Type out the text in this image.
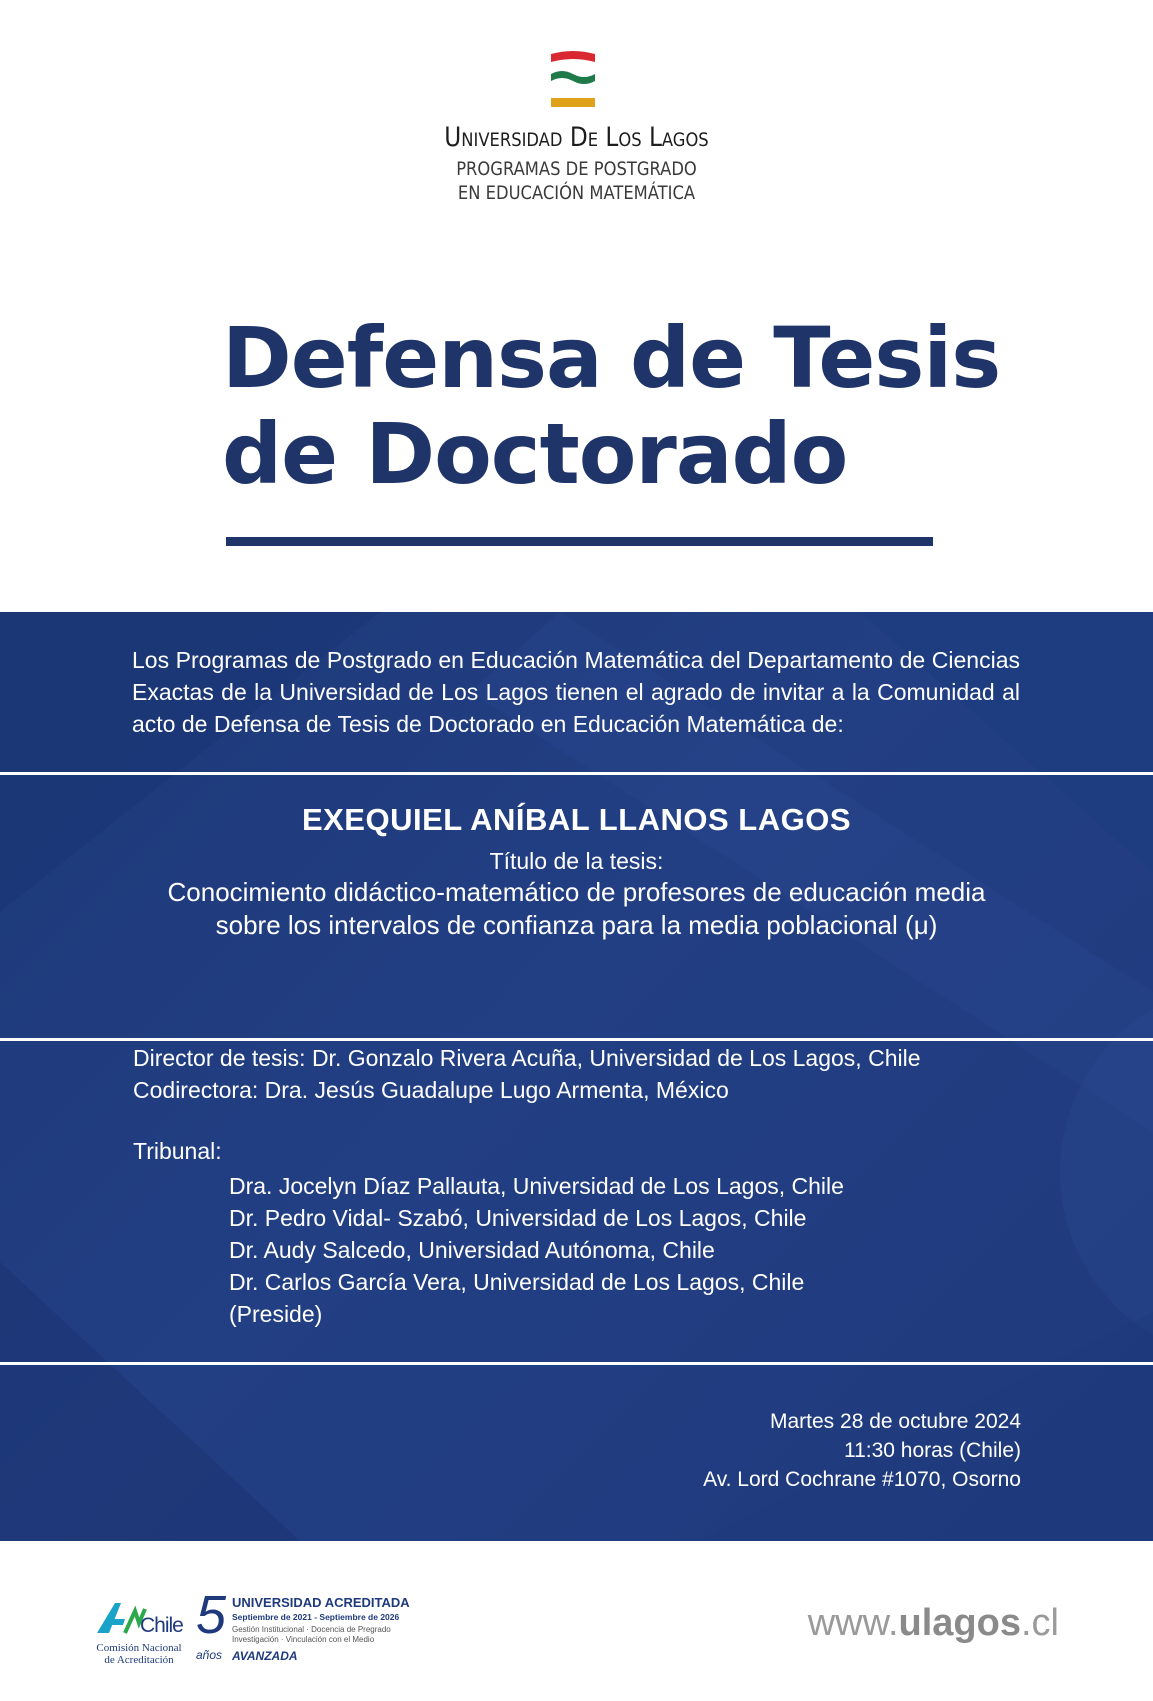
Universidad De Los Lagos
PROGRAMAS DE POSTGRADO
EN EDUCACIÓN MATEMÁTICA
Defensa de Tesis
de Doctorado

Los Programas de Postgrado en Educación Matemática del Departamento de Ciencias Exactas de la Universidad de Los Lagos tienen el agrado de invitar a la Comunidad al acto de Defensa de Tesis de Doctorado en Educación Matemática de:

EXEQUIEL ANÍBAL LLANOS LAGOS
Título de la tesis:
Conocimiento didáctico-matemático de profesores de educación media
sobre los intervalos de confianza para la media poblacional (μ)
Director de tesis: Dr. Gonzalo Rivera Acuña, Universidad de Los Lagos, Chile
Codirectora: Dra. Jesús Guadalupe Lugo Armenta, México
Tribunal:
Dra. Jocelyn Díaz Pallauta, Universidad de Los Lagos, Chile
Dr. Pedro Vidal- Szabó, Universidad de Los Lagos, Chile
Dr. Audy Salcedo, Universidad Autónoma, Chile
Dr. Carlos García Vera, Universidad de Los Lagos, Chile
(Preside)
Martes 28 de octubre 2024
11:30 horas (Chile)
Av. Lord Cochrane #1070, Osorno
Chile
Comisión Nacional
de Acreditación
5
años
UNIVERSIDAD ACREDITADA
Septiembre de 2021 - Septiembre de 2026
Gestión Institucional · Docencia de Pregrado
Investigación · Vinculación con el Medio
AVANZADA
www.ulagos.cl
